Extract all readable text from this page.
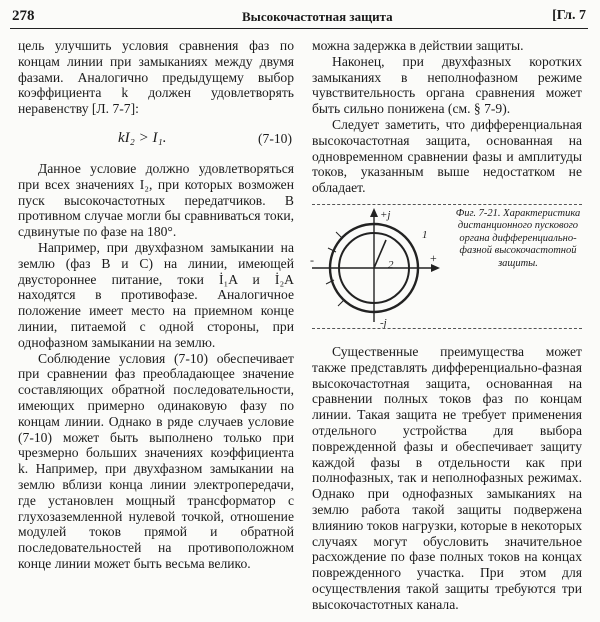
278	Высокочастотная защита	[Гл. 7

цель улучшить условия сравнения фаз по концам линии при замыканиях между двумя фазами. Аналогично предыдущему выбор коэффициента k должен удовлетворять неравенству [Л. 7-7]:

kI₂ > I₁.	(7-10)

Данное условие должно удовлетворяться при всех значениях I₂, при которых возможен пуск высокочастотных передатчиков. В противном случае могли бы сравниваться токи, сдвинутые по фазе на 180°.

Например, при двухфазном замыкании на землю (фаз B и C) на линии, имеющей двустороннее питание, токи İ₁A и İ₂A находятся в противофазе. Аналогичное положение имеет место на приемном конце линии, питаемой с одной стороны, при однофазном замыкании на землю.

Соблюдение условия (7-10) обеспечивает при сравнении фаз преобладающее значение составляющих обратной последовательности, имеющих примерно одинаковую фазу по концам линии. Однако в ряде случаев условие (7-10) может быть выполнено только при чрезмерно больших значениях коэффициента k. Например, при двухфазном замыкании на землю вблизи конца линии электропередачи, где установлен мощный трансформатор с глухозаземленной нулевой точкой, отношение модулей токов прямой и обратной последовательностей на противоположном конце линии может быть весьма велико.

можна задержка в действии защиты.

Наконец, при двухфазных коротких замыканиях в неполнофазном режиме чувствительность органа сравнения может быть сильно понижена (см. § 7-9).

Следует заметить, что дифференциальная высокочастотная защита, основанная на одновременном сравнении фазы и амплитуды токов, указанным выше недостатком не обладает.

+j
-j
-	+
1
2
Фиг. 7-21. Характеристика дистанционного пускового органа дифференциально-фазной высокочастотной защиты.

Существенные преимущества может также представлять дифференциально-фазная высокочастотная защита, основанная на сравнении полных токов фаз по концам линии. Такая защита не требует применения отдельного устройства для выбора поврежденной фазы и обеспечивает защиту каждой фазы в отдельности как при полнофазных, так и неполнофазных режимах. Однако при однофазных замыканиях на землю работа такой защиты подвержена влиянию токов нагрузки, которые в некоторых случаях могут обусловить значительное расхождение по фазе полных токов на концах поврежденного участка. При этом для осуществления такой защиты требуются три высокочастотных канала.
